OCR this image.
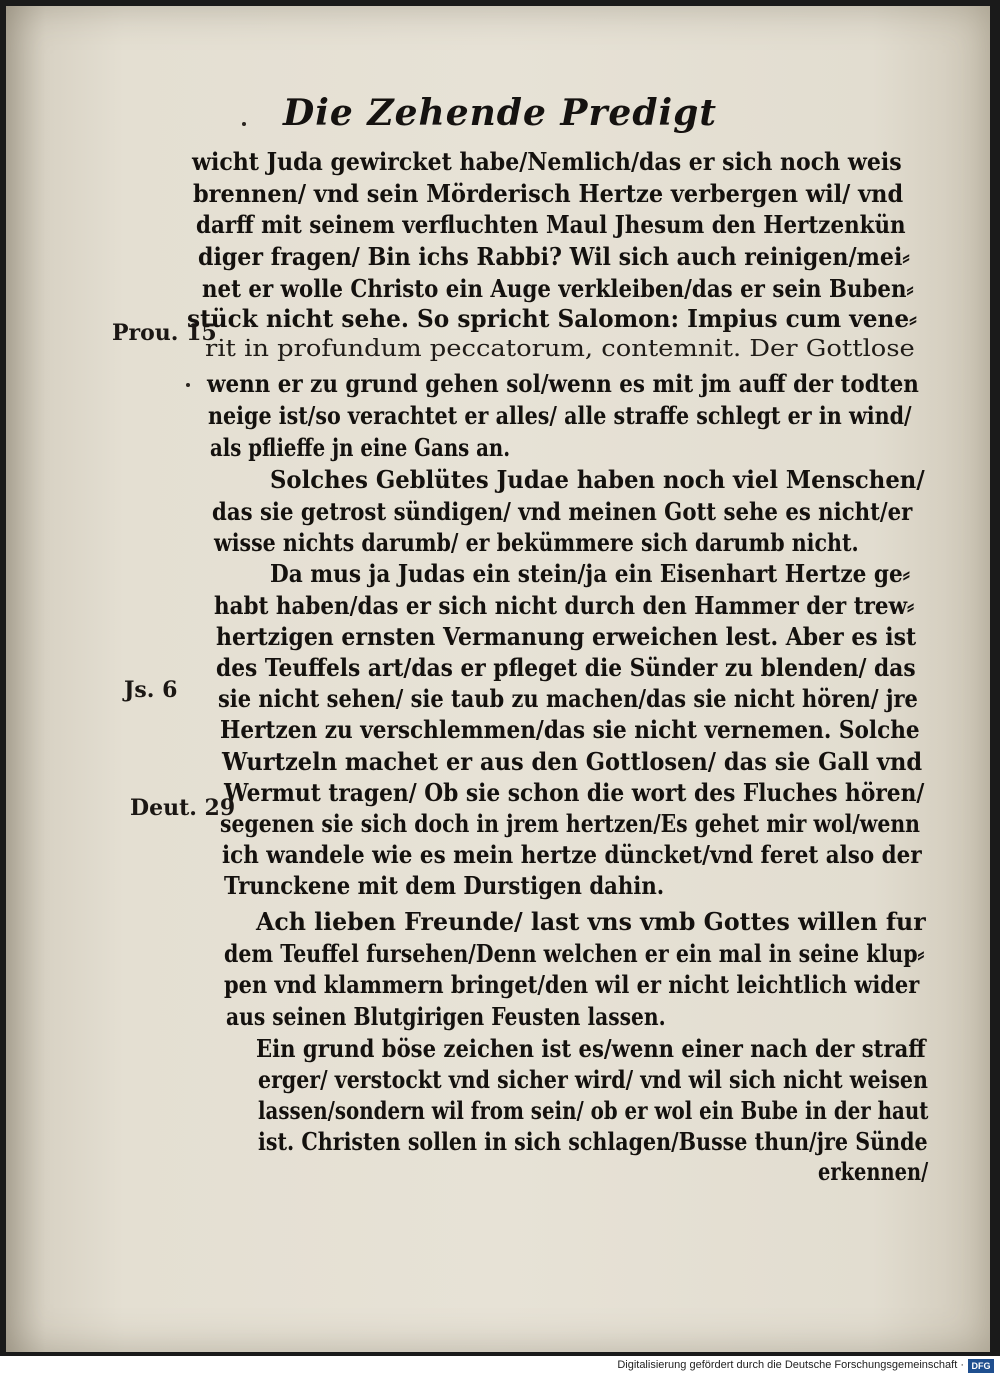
Die Zehende Predigt
wicht Juda gewircket habe/Nemlich/das er sich noch weis
brennen/ vnd sein Mörderisch Hertze verbergen wil/ vnd
darff mit seinem verfluchten Maul Jhesum den Hertzenkün
diger fragen/ Bin ichs Rabbi? Wil sich auch reinigen/mei⸗
net er wolle Christo ein Auge verkleiben/das er sein Buben⸗
stück nicht sehe. So spricht Salomon: Impius cum vene⸗
rit in profundum peccatorum, contemnit. Der Gottlose
wenn er zu grund gehen sol/wenn es mit jm auff der todten
neige ist/so verachtet er alles/ alle straffe schlegt er in wind/
als pflieffe jn eine Gans an.
Solches Geblütes Judae haben noch viel Menschen/
das sie getrost sündigen/ vnd meinen Gott sehe es nicht/er
wisse nichts darumb/ er bekümmere sich darumb nicht.
Da mus ja Judas ein stein/ja ein Eisenhart Hertze ge⸗
habt haben/das er sich nicht durch den Hammer der trew⸗
hertzigen ernsten Vermanung erweichen lest. Aber es ist
des Teuffels art/das er pfleget die Sünder zu blenden/ das
sie nicht sehen/ sie taub zu machen/das sie nicht hören/ jre
Hertzen zu verschlemmen/das sie nicht vernemen. Solche
Wurtzeln machet er aus den Gottlosen/ das sie Gall vnd
Wermut tragen/ Ob sie schon die wort des Fluches hören/
segenen sie sich doch in jrem hertzen/Es gehet mir wol/wenn
ich wandele wie es mein hertze düncket/vnd feret also der
Trunckene mit dem Durstigen dahin.
Ach lieben Freunde/ last vns vmb Gottes willen fur
dem Teuffel fursehen/Denn welchen er ein mal in seine klup⸗
pen vnd klammern bringet/den wil er nicht leichtlich wider
aus seinen Blutgirigen Feusten lassen.
Ein grund böse zeichen ist es/wenn einer nach der straff
erger/ verstockt vnd sicher wird/ vnd wil sich nicht weisen
lassen/sondern wil from sein/ ob er wol ein Bube in der haut
ist. Christen sollen in sich schlagen/Busse thun/jre Sünde
erkennen/
Prou. 15
Js. 6
Deut. 29
Digitalisierung gefördert durch die Deutsche Forschungsgemeinschaft · DFG
